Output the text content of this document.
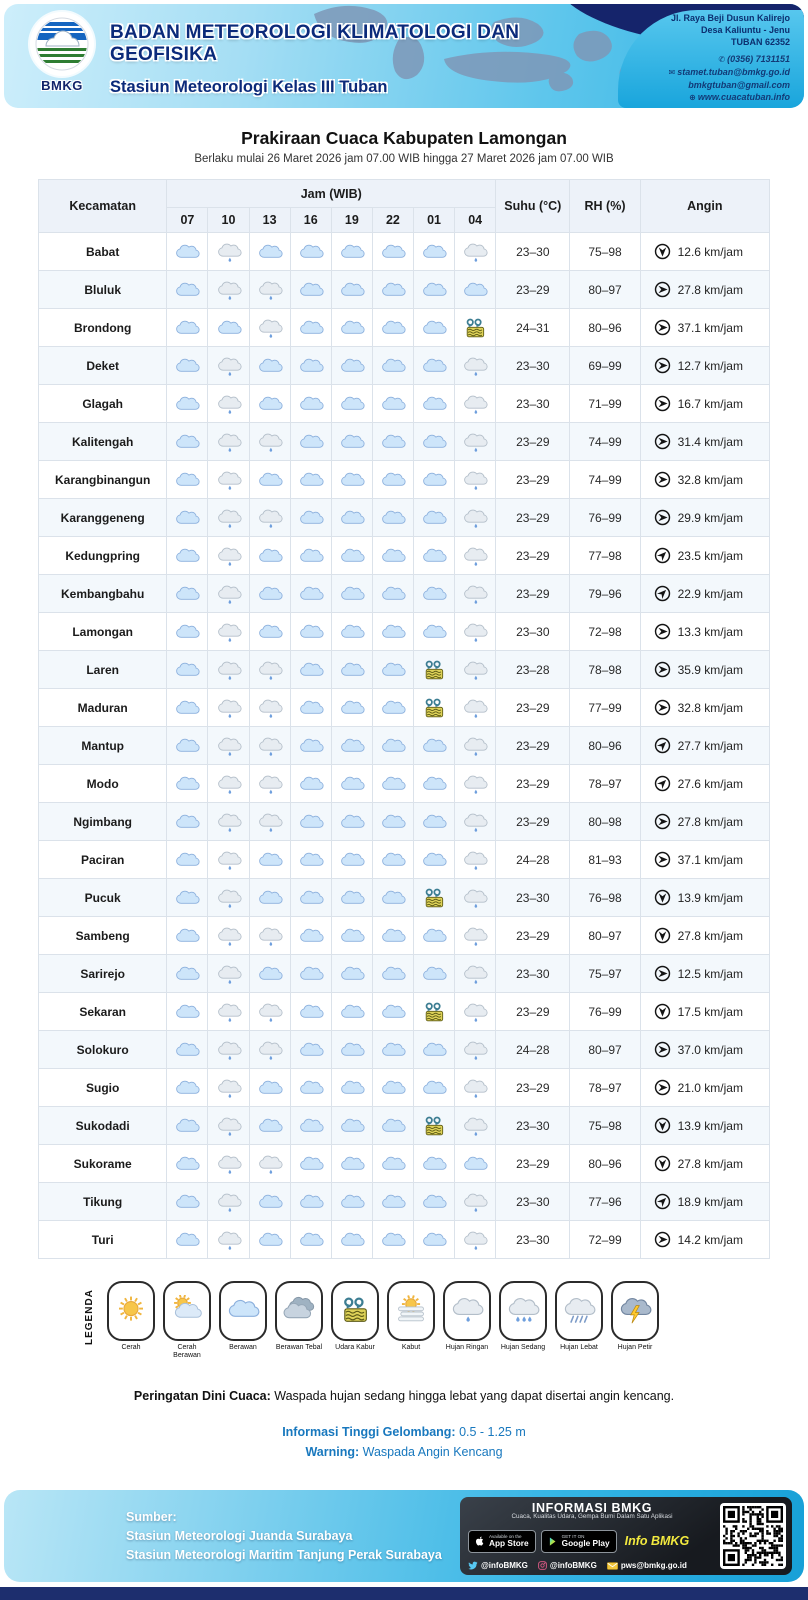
BMKG
BADAN METEOROLOGI KLIMATOLOGI DAN GEOFISIKA
Stasiun Meteorologi Kelas III Tuban
Jl. Raya Beji Dusun Kalirejo
Desa Kaliuntu - Jenu
TUBAN 62352
✆ (0356) 7131151
✉ stamet.tuban@bmkg.go.id
bmkgtuban@gmail.com
⊕ www.cuacatuban.info
Prakiraan Cuaca Kabupaten Lamongan
Berlaku mulai 26 Maret 2026 jam 07.00 WIB hingga 27 Maret 2026 jam 07.00 WIB
Kecamatan	Jam (WIB)								Suhu (°C)	RH (%)	Angin
	07	10	13	16	19	22	01	04			
Babat									23–30	75–98	12.6 km/jam

Bluluk									23–29	80–97	27.8 km/jam

Brondong									24–31	80–96	37.1 km/jam

Deket									23–30	69–99	12.7 km/jam

Glagah									23–30	71–99	16.7 km/jam

Kalitengah									23–29	74–99	31.4 km/jam

Karangbinangun									23–29	74–99	32.8 km/jam

Karanggeneng									23–29	76–99	29.9 km/jam

Kedungpring									23–29	77–98	23.5 km/jam

Kembangbahu									23–29	79–96	22.9 km/jam

Lamongan									23–30	72–98	13.3 km/jam

Laren									23–28	78–98	35.9 km/jam

Maduran									23–29	77–99	32.8 km/jam

Mantup									23–29	80–96	27.7 km/jam

Modo									23–29	78–97	27.6 km/jam

Ngimbang									23–29	80–98	27.8 km/jam

Paciran									24–28	81–93	37.1 km/jam

Pucuk									23–30	76–98	13.9 km/jam

Sambeng									23–29	80–97	27.8 km/jam

Sarirejo									23–30	75–97	12.5 km/jam

Sekaran									23–29	76–99	17.5 km/jam

Solokuro									24–28	80–97	37.0 km/jam

Sugio									23–29	78–97	21.0 km/jam

Sukodadi									23–30	75–98	13.9 km/jam

Sukorame									23–29	80–96	27.8 km/jam

Tikung									23–30	77–96	18.9 km/jam

Turi									23–30	72–99	14.2 km/jam
LEGENDA
Cerah	Cerah Berawan
Berawan	Berawan Tebal	Udara Kabur	Kabut	Hujan Ringan	Hujan Sedang	Hujan Lebat	Hujan Petir
Peringatan Dini Cuaca: Waspada hujan sedang hingga lebat yang dapat disertai angin kencang.
Informasi Tinggi Gelombang: 0.5 - 1.25 m
Warning: Waspada Angin Kencang
Sumber:
Stasiun Meteorologi Juanda Surabaya
Stasiun Meteorologi Maritim Tanjung Perak Surabaya
INFORMASI BMKG
Cuaca, Kualitas Udara, Gempa Bumi Dalam Satu Aplikasi
Available on the
App Store
GET IT ON
Google Play Info BMKG
@infoBMKG	@infoBMKG	pws@bmkg.go.id
